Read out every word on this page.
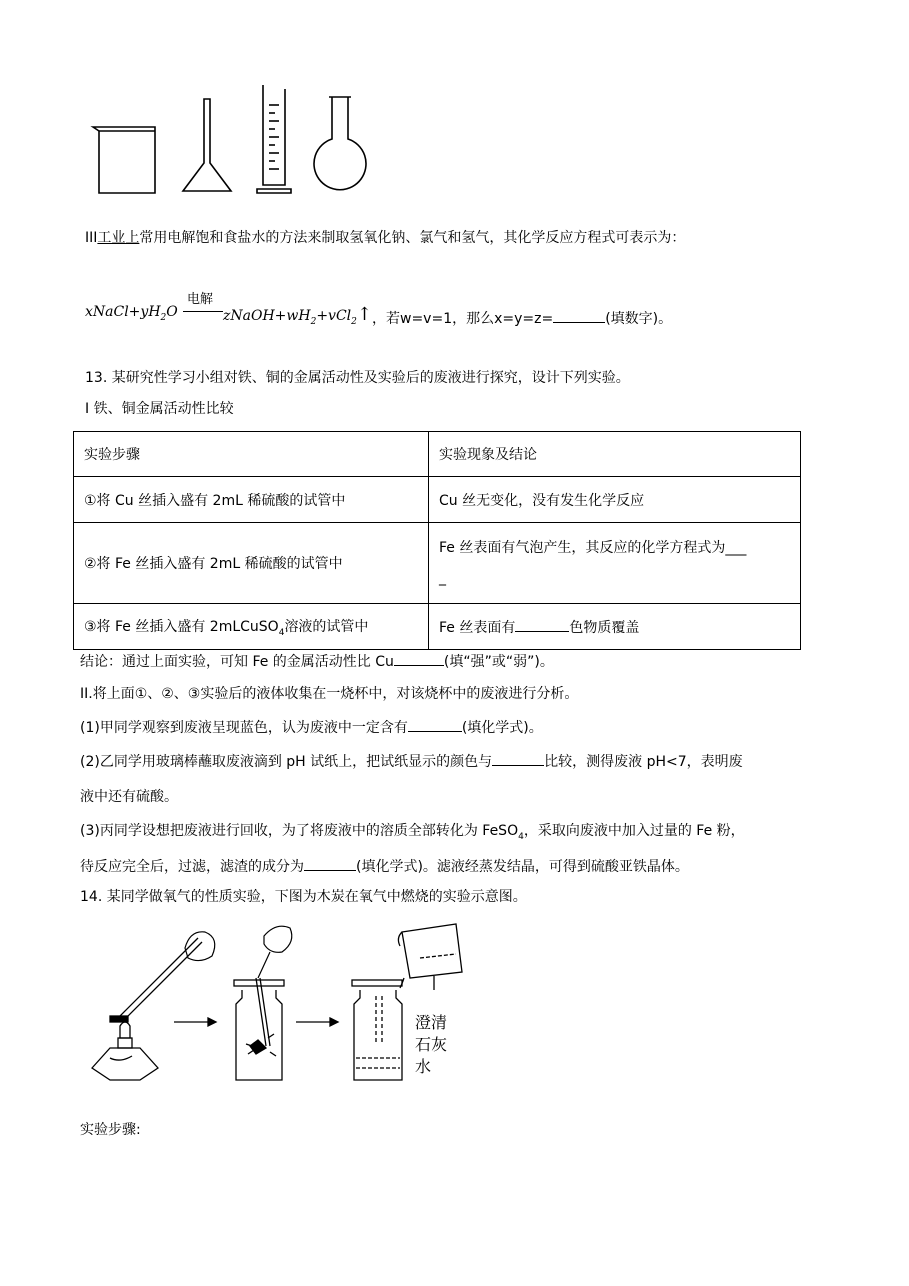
III工业上常用电解饱和食盐水的方法来制取氢氧化钠、氯气和氢气，其化学反应方程式可表示为：
$xNaCl+yH_2O$
电解
$zNaOH+wH_2+vCl_2↑$ ，若w=v=1，那么x=y=z=	(填数字)。
13. 某研究性学习小组对铁、铜的金属活动性及实验后的废液进行探究，设计下列实验。
I 铁、铜金属活动性比较
实验步骤	实验现象及结论
①将 Cu 丝插入盛有 2mL 稀硫酸的试管中	Cu 丝无变化，没有发生化学反应
②将 Fe 丝插入盛有 2mL 稀硫酸的试管中	Fe 丝表面有气泡产生，其反应的化学方程式为___
_

③将 Fe 丝插入盛有 2mLCuSO$_4$溶液的试管中	Fe 丝表面有 色物质覆盖
结论：通过上面实验，可知 Fe 的金属活动性比 Cu	(填“强”或“弱”)。
II.将上面①、②、③实验后的液体收集在一烧杯中，对该烧杯中的废液进行分析。
(1)甲同学观察到废液呈现蓝色，认为废液中一定含有	(填化学式)。
(2)乙同学用玻璃棒蘸取废液滴到 pH 试纸上，把试纸显示的颜色与	比较，测得废液 pH<7，表明废
液中还有硫酸。
(3)丙同学设想把废液进行回收，为了将废液中的溶质全部转化为 FeSO$_4$，采取向废液中加入过量的 Fe 粉，
待反应完全后，过滤，滤渣的成分为	(填化学式)。滤液经蒸发结晶，可得到硫酸亚铁晶体。
14. 某同学做氧气的性质实验，下图为木炭在氧气中燃烧的实验示意图。
澄清
石灰
水
实验步骤:
